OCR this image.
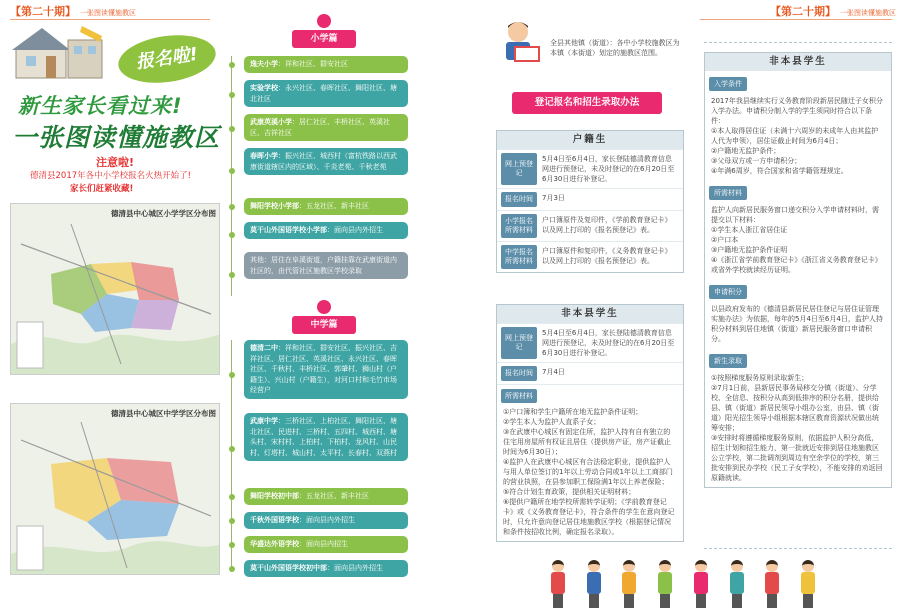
【第二十期】 一张图读懂施教区	【第二十期】 一张图读懂施教区
报名啦!
新生家长看过来!
一张图读懂施教区
注意啦!
德清县2017年各中小学校报名火热开始了!
家长们赶紧收藏!
德清县中心城区小学学区分布图
德清县中心城区中学学区分布图
小学篇
逸夫小学：祥和社区、群安社区
实验学校：永兴社区、春晖社区、舞阳社区、塘北社区
武康英溪小学：居仁社区、丰桥社区、英溪社区、吉祥社区
春晖小学：振兴社区、城西村（富杭铁路以西武康街道辖区内的区域）、千炎老苑、千秋老苑
舞阳学校小学部：五龙社区、新丰社区
莫干山外国语学校小学部：面向县内外招生
其他：居住在阜溪街道，户籍挂靠在武康街道内社区的，由代管社区施教区学校录取
中学篇
德清二中：祥和社区、群安社区、振兴社区、吉祥社区、居仁社区、英溪社区、永兴社区、春晖社区、千秋村、丰桥社区、郭肇村、狮山村（户籍生）、兴山村（户籍生），对河口村和毛竹市场经营户
武康中学：三桥社区、上柏社区、舞阳社区、塘北社区、民进村、三桥村、五四村、城西村、塘头村、宋村村、上柏村、下柏村、龙风村、山民村、灯塔村、城山村、太平村、长春村、双燕村
舞阳学校初中部：五龙社区、新丰社区
千秋外国语学校：面向县内外招生
华盛达外语学校：面向县内招生
莫干山外国语学校初中部：面向县内外招生
全县其他镇（街道）：各中小学校施教区为本镇（本街道）划定的施教区范围。
登记报名和招生录取办法
户籍生
网上预登记
5月4日至6月4日，家长登陆德清教育信息网进行预登记，未及时登记的在6月20日至6月30日进行补登记。
报名时间	7月3日
小学报名所需材料
户口簿原件及复印件，《学前教育登记卡》以及网上打印的《报名预登记》表。
中学报名所需材料
户口簿原件和复印件，《义务教育登记卡》以及网上打印的《报名预登记》表。
非本县学生
网上预登记
5月4日至6月4日，家长登陆德清教育信息网进行预登记，未及时登记的在6月20日至6月30日进行补登记。
报名时间	7月4日
所需材料
①户口簿和学生户籍所在地无监护条件证明；
②学生本人为监护人直系子女；
③在武康中心城区有固定住所，监护人持有自有独立的住宅用房屋所有权证且居住（提供房产证，房产证截止时间为6月30日）；
④监护人在武康中心城区有合法稳定职业，提供监护人与用人单位签订的1年以上劳动合同或1年以上工商部门的营业执照，在县参加职工保险满1年以上养老保险；
⑤符合计划生育政策，提供相关证明材料；
⑥提供户籍所在地学校所需转学证明；《学前教育登记卡》或《义务教育登记卡》，符合条件的学生在意向登记时，只允许意向登记居住地施教区学校（根据登记情况和条件按招收比例，确定报名录取）。
非本县学生
入学条件
2017年我县继续实行义务教育阶段新居民随迁子女积分入学办法。申请积分制入学的学生须同时符合以下条件：
①本人取得居住证（未满十六周岁的未成年人由其监护人代为申领），居住证截止时间为6月4日；
②户籍地无监护条件；
③父母双方或一方申请积分；
④年满6周岁，符合国家和省学籍管理规定。
所需材料
监护人向新居民服务窗口递交积分入学申请材料时，需提交以下材料：
①学生本人浙江省居住证
②户口本
③户籍地无监护条件证明
④《浙江省学前教育登记卡》《浙江省义务教育登记卡》或省外学校就读经历证明。
申请积分
以县政府发布的《德清县新居民居住登记与居住证管理实施办法》为依据，每年的5月4日至6月4日，监护人持积分材料到居住地镇（街道）新居民服务窗口申请积分。
新生录取
①按照梯度服务原则录取新生；
②7月1日前，县新居民事务局移交分镇（街道）、分学校、全信息、按积分从高到低排序的积分名册，提供给县、镇（街道）新居民领导小组办公室，由县、镇（街道）阳光招生领导小组根据本辖区教育资源状况做出统筹安排；
③安排时将遵循梯度服务原则，依据监护人积分高低，招生计划和招生能力，第一批就近安排到居住地施教区公立学校，第二批调剂到周边有空余学位的学校，第三批安排到民办学校（民工子女学校），不能安排的劝返回原籍就读。
